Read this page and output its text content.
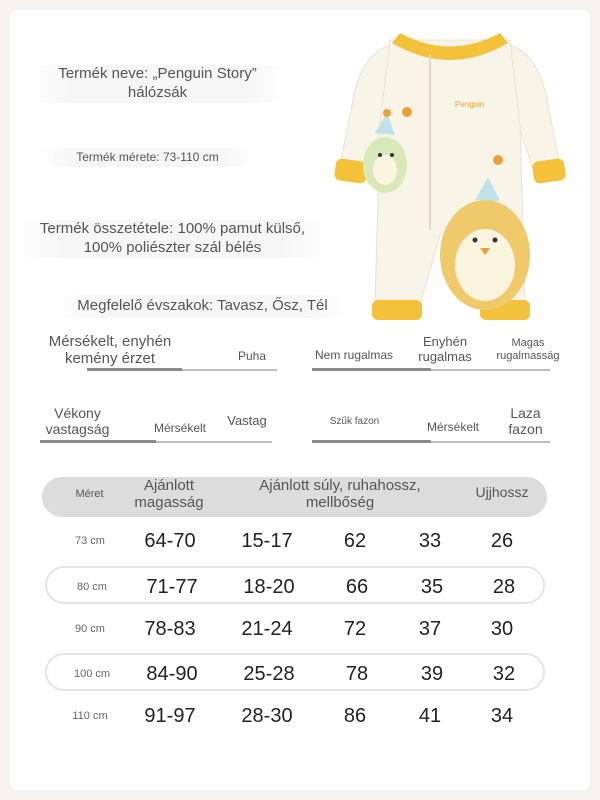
Termék neve: „Penguin Story”
hálózsák
Termék mérete: 73-110 cm
Termék összetétele: 100% pamut külső,
100% poliészter szál bélés
Megfelelő évszakok: Tavasz, Ősz, Tél
Penguin
Mérsékelt, enyhén kemény érzet	Puha	Nem rugalmas
Enyhén rugalmas
Magas rugalmasság
Vékony vastagság	Mérsékelt	Vastag	Szűk fazon	Mérsékelt
Laza fazon
Méret	Ajánlott magasság
Ajánlott súly, ruhahossz, mellbőség
Ujjhossz
73 cm	64-70	15-17	62	33	26
80 cm	71-77	18-20	66	35	28
90 cm	78-83	21-24	72	37	30
100 cm	84-90	25-28	78	39	32
110 cm	91-97	28-30	86	41	34
